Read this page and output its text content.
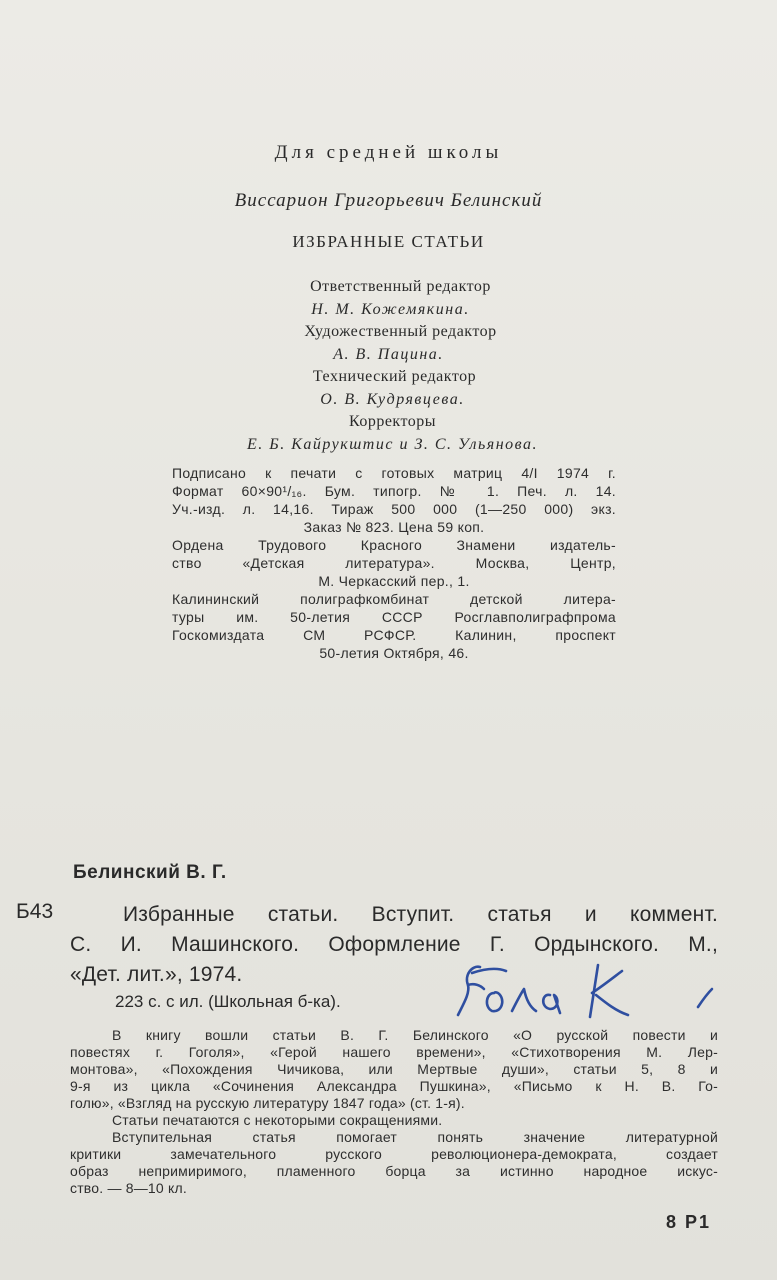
Для средней школы
Виссарион Григорьевич Белинский
ИЗБРАННЫЕ СТАТЬИ
Ответственный редактор
Н. М. Кожемякина.
Художественный редактор
А. В. Пацина.
Технический редактор
О. В. Кудрявцева.
Корректоры
Е. Б. Кайрукштис и З. С. Ульянова.
Подписано к печати с готовых матриц 4/I 1974 г.
Формат 60×90¹/₁₆. Бум. типогр. № 1. Печ. л. 14.
Уч.-изд. л. 14,16. Тираж 500 000 (1—250 000) экз.
Заказ № 823. Цена 59 коп.
Ордена Трудового Красного Знамени издатель-
ство «Детская литература». Москва, Центр,
М. Черкасский пер., 1.
Калининский полиграфкомбинат детской литера-
туры им. 50-летия СССР Росглавполиграфпрома
Госкомиздата СМ РСФСР. Калинин, проспект
50-летия Октября, 46.
Белинский В. Г.
Б43	Избранные статьи. Вступит. статья и коммент.
С. И. Машинского. Оформление Г. Ордынского. М.,
«Дет. лит.», 1974.
223 с. с ил. (Школьная б-ка).
В книгу вошли статьи В. Г. Белинского «О русской повести и
повестях г. Гоголя», «Герой нашего времени», «Стихотворения М. Лер-
монтова», «Похождения Чичикова, или Мертвые души», статьи 5, 8 и
9-я из цикла «Сочинения Александра Пушкина», «Письмо к Н. В. Го-
голю», «Взгляд на русскую литературу 1847 года» (ст. 1-я).
Статьи печатаются с некоторыми сокращениями.
Вступительная статья помогает понять значение литературной
критики замечательного русского революционера-демократа, создает
образ непримиримого, пламенного борца за истинно народное искус-
ство. — 8—10 кл.
8 Р1
